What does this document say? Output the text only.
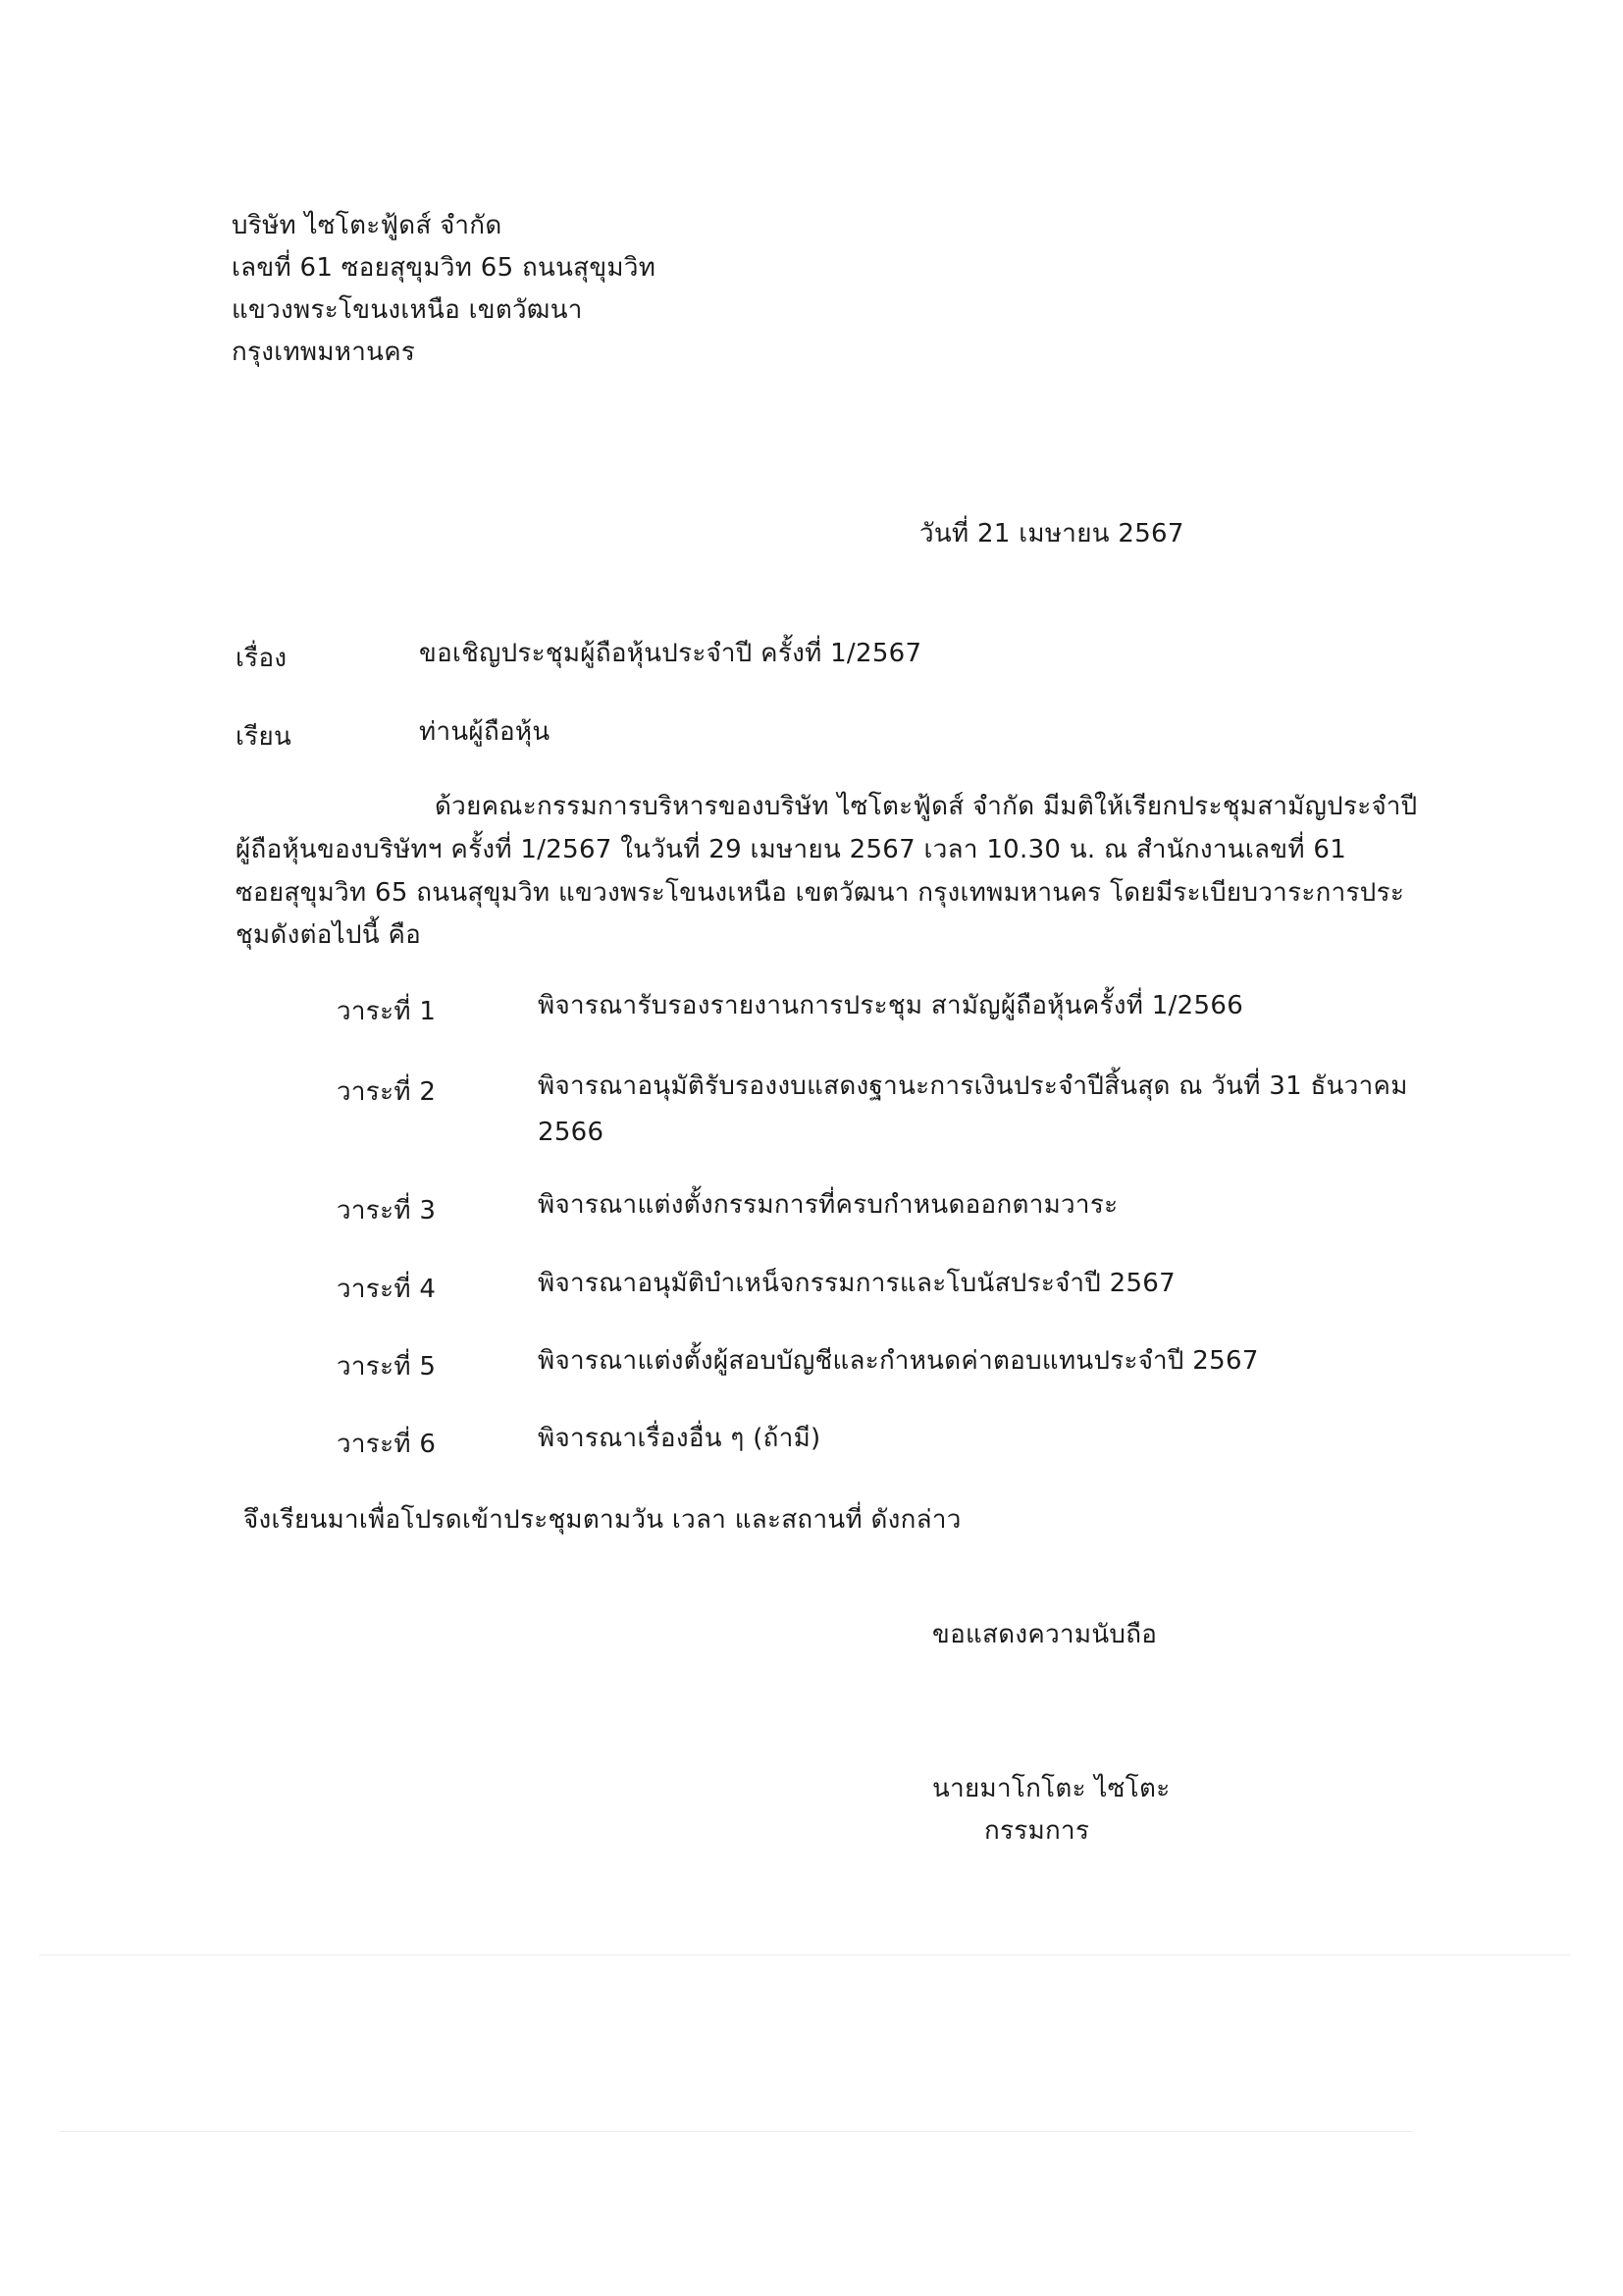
บริษัท ไซโตะฟู้ดส์ จำกัด
เลขที่ 61 ซอยสุขุมวิท 65 ถนนสุขุมวิท
แขวงพระโขนงเหนือ เขตวัฒนา
กรุงเทพมหานคร
วันที่ 21 เมษายน 2567
เรื่อง	ขอเชิญประชุมผู้ถือหุ้นประจำปี ครั้งที่ 1/2567
เรียน	ท่านผู้ถือหุ้น
ด้วยคณะกรรมการบริหารของบริษัท ไซโตะฟู้ดส์ จำกัด มีมติให้เรียกประชุมสามัญประจำปี
ผู้ถือหุ้นของบริษัทฯ ครั้งที่ 1/2567 ในวันที่ 29 เมษายน 2567 เวลา 10.30 น. ณ สำนักงานเลขที่ 61
ซอยสุขุมวิท 65 ถนนสุขุมวิท แขวงพระโขนงเหนือ เขตวัฒนา กรุงเทพมหานคร โดยมีระเบียบวาระการประ
ชุมดังต่อไปนี้ คือ
วาระที่ 1	พิจารณารับรองรายงานการประชุม สามัญผู้ถือหุ้นครั้งที่ 1/2566
วาระที่ 2	พิจารณาอนุมัติรับรองงบแสดงฐานะการเงินประจำปีสิ้นสุด ณ วันที่ 31 ธันวาคม
2566
วาระที่ 3	พิจารณาแต่งตั้งกรรมการที่ครบกำหนดออกตามวาระ
วาระที่ 4	พิจารณาอนุมัติบำเหน็จกรรมการและโบนัสประจำปี 2567
วาระที่ 5	พิจารณาแต่งตั้งผู้สอบบัญชีและกำหนดค่าตอบแทนประจำปี 2567
วาระที่ 6	พิจารณาเรื่องอื่น ๆ (ถ้ามี)
จึงเรียนมาเพื่อโปรดเข้าประชุมตามวัน เวลา และสถานที่ ดังกล่าว
ขอแสดงความนับถือ
นายมาโกโตะ ไซโตะ
กรรมการ
